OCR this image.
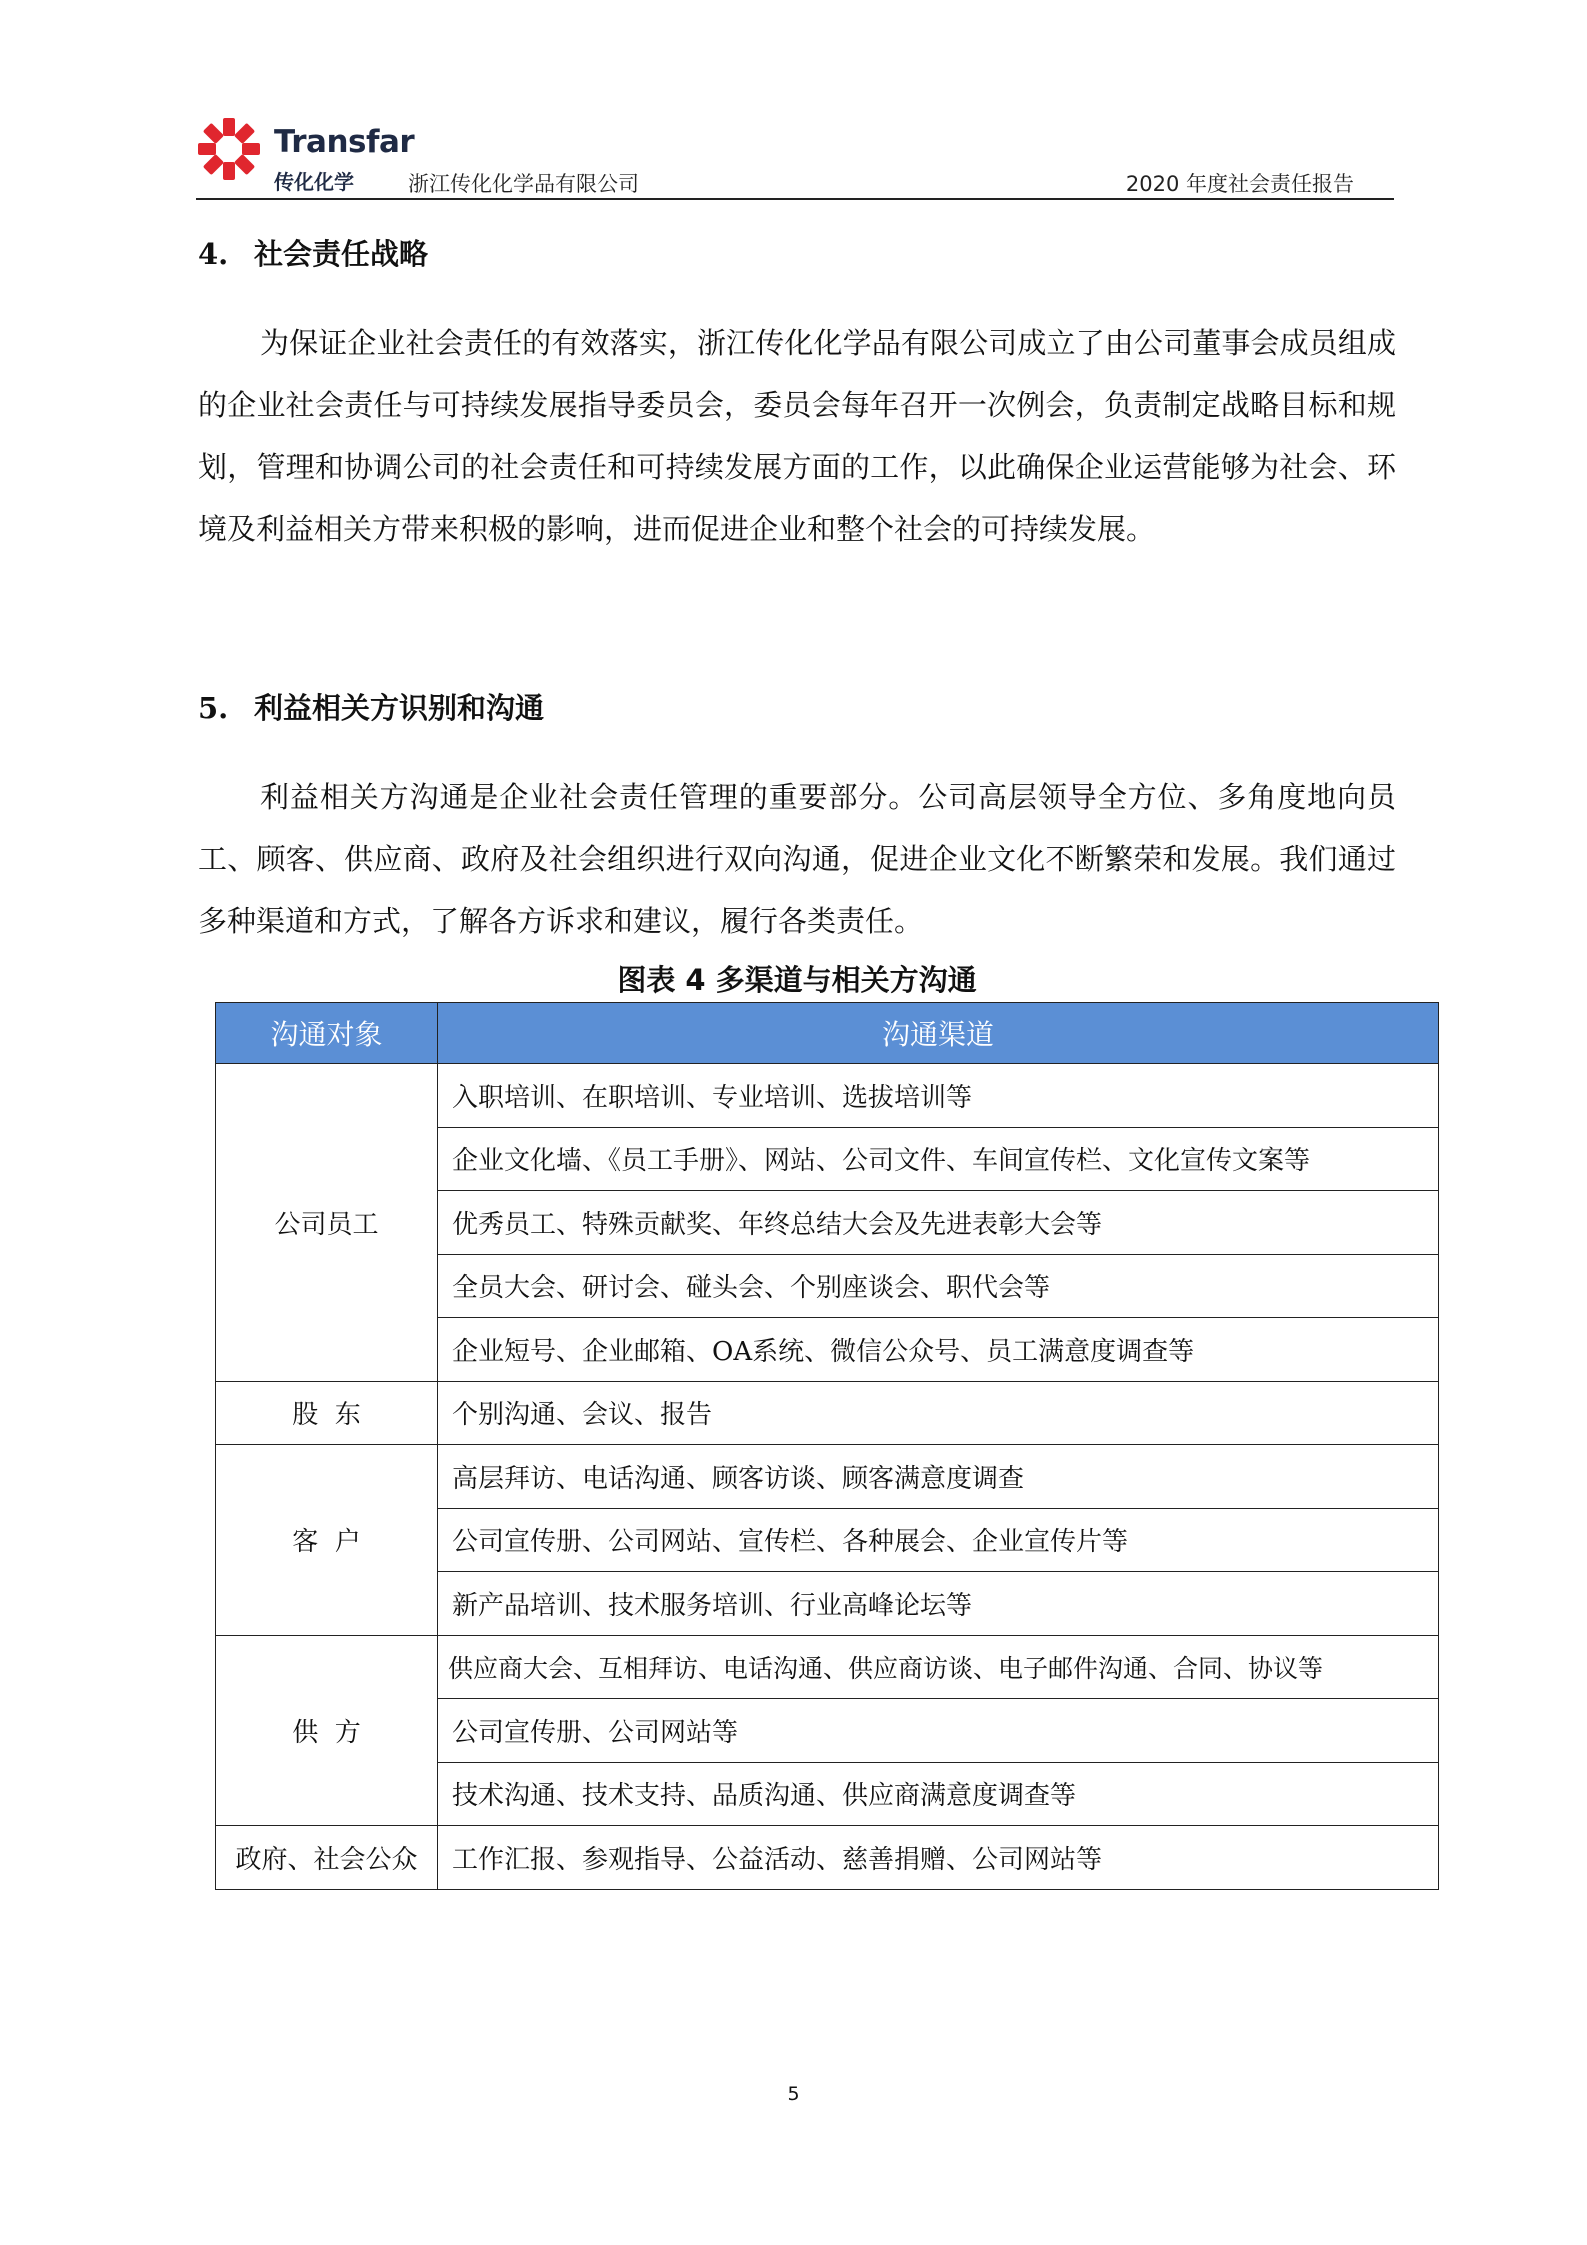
Transfar
传化化学	浙江传化化学品有限公司	2020 年度社会责任报告
4. 社会责任战略
为保证企业社会责任的有效落实，浙江传化化学品有限公司成立了由公司董事会成员组成的企业社会责任与可持续发展指导委员会，委员会每年召开一次例会，负责制定战略目标和规划，管理和协调公司的社会责任和可持续发展方面的工作，以此确保企业运营能够为社会、环境及利益相关方带来积极的影响，进而促进企业和整个社会的可持续发展。
5. 利益相关方识别和沟通
利益相关方沟通是企业社会责任管理的重要部分。公司高层领导全方位、多角度地向员工、顾客、供应商、政府及社会组织进行双向沟通，促进企业文化不断繁荣和发展。我们通过多种渠道和方式，了解各方诉求和建议，履行各类责任。
图表 4 多渠道与相关方沟通
沟通对象	沟通渠道
公司员工	入职培训、在职培训、专业培训、选拔培训等
	企业文化墙、《员工手册》、网站、公司文件、车间宣传栏、文化宣传文案等
	优秀员工、特殊贡献奖、年终总结大会及先进表彰大会等
	全员大会、研讨会、碰头会、个别座谈会、职代会等
	企业短号、企业邮箱、OA系统、微信公众号、员工满意度调查等
股  东	个别沟通、会议、报告
客  户	高层拜访、电话沟通、顾客访谈、顾客满意度调查
	公司宣传册、公司网站、宣传栏、各种展会、企业宣传片等
	新产品培训、技术服务培训、行业高峰论坛等
供  方	供应商大会、互相拜访、电话沟通、供应商访谈、电子邮件沟通、合同、协议等
	公司宣传册、公司网站等
	技术沟通、技术支持、品质沟通、供应商满意度调查等
政府、社会公众	工作汇报、参观指导、公益活动、慈善捐赠、公司网站等
5
